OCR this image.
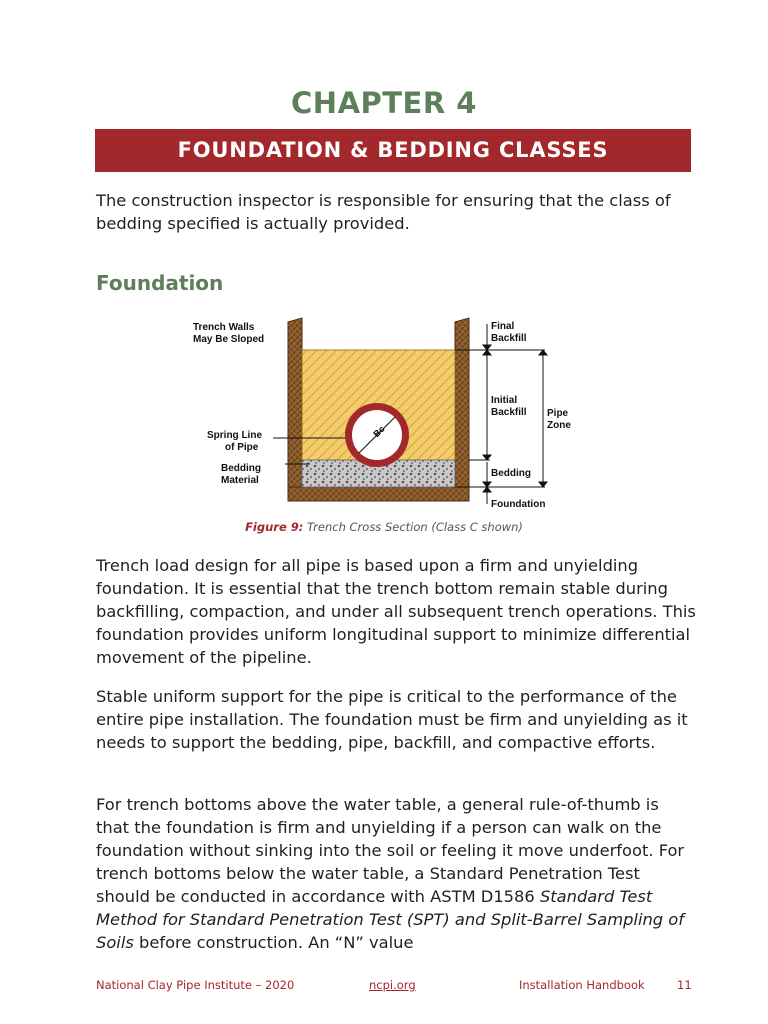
CHAPTER 4
FOUNDATION & BEDDING CLASSES

The construction inspector is responsible for ensuring that the class of bedding specified is actually provided.

Foundation
Bc
Trench Walls
May Be Sloped
Final
Backfill
Initial
Backfill Pipe
Zone
Spring Line
of Pipe
Bedding
Material
Bedding
Foundation
Figure 9: Trench Cross Section (Class C shown)

Trench load design for all pipe is based upon a firm and unyielding foundation. It is essential that the trench bottom remain stable during backfilling, compaction, and under all subsequent trench operations. This foundation provides uniform longitudinal support to minimize differential movement of the pipeline.

Stable uniform support for the pipe is critical to the performance of the entire pipe installation. The foundation must be firm and unyielding as it needs to support the bedding, pipe, backfill, and compactive efforts.

For trench bottoms above the water table, a general rule-of-thumb is that the foundation is firm and unyielding if a person can walk on the foundation without sinking into the soil or feeling it move underfoot. For trench bottoms below the water table, a Standard Penetration Test should be conducted in accordance with ASTM D1586 Standard Test Method for Standard Penetration Test (SPT) and Split-Barrel Sampling of Soils before construction. An “N” value

National Clay Pipe Institute – 2020	ncpi.org	Installation Handbook	11
